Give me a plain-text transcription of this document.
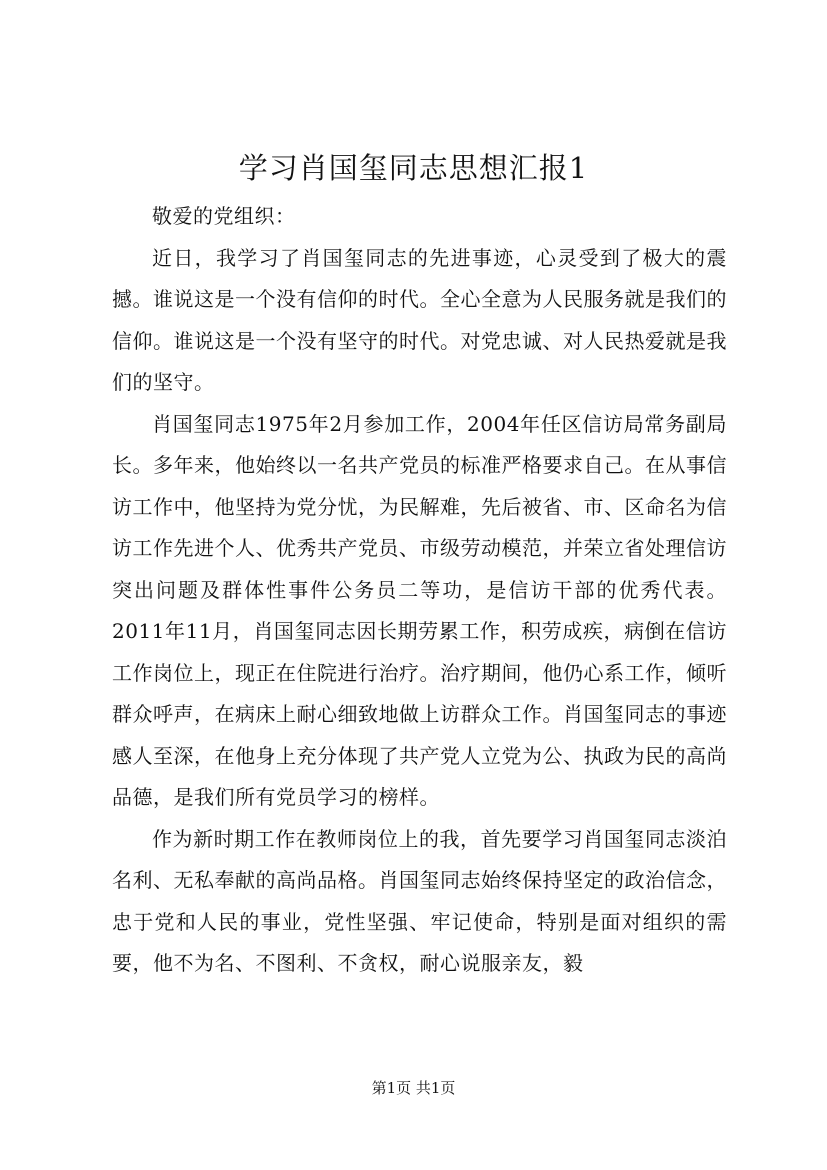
学习肖国玺同志思想汇报1

敬爱的党组织：

近日，我学习了肖国玺同志的先进事迹，心灵受到了极大的震撼。谁说这是一个没有信仰的时代。全心全意为人民服务就是我们的信仰。谁说这是一个没有坚守的时代。对党忠诚、对人民热爱就是我们的坚守。

肖国玺同志1975年2月参加工作，2004年任区信访局常务副局长。多年来，他始终以一名共产党员的标准严格要求自己。在从事信访工作中，他坚持为党分忧，为民解难，先后被省、市、区命名为信访工作先进个人、优秀共产党员、市级劳动模范，并荣立省处理信访突出问题及群体性事件公务员二等功，是信访干部的优秀代表。2011年11月，肖国玺同志因长期劳累工作，积劳成疾，病倒在信访工作岗位上，现正在住院进行治疗。治疗期间，他仍心系工作，倾听群众呼声，在病床上耐心细致地做上访群众工作。肖国玺同志的事迹感人至深，在他身上充分体现了共产党人立党为公、执政为民的高尚品德，是我们所有党员学习的榜样。

作为新时期工作在教师岗位上的我，首先要学习肖国玺同志淡泊名利、无私奉献的高尚品格。肖国玺同志始终保持坚定的政治信念，忠于党和人民的事业，党性坚强、牢记使命，特别是面对组织的需要，他不为名、不图利、不贪权，耐心说服亲友，毅

第1页 共1页
